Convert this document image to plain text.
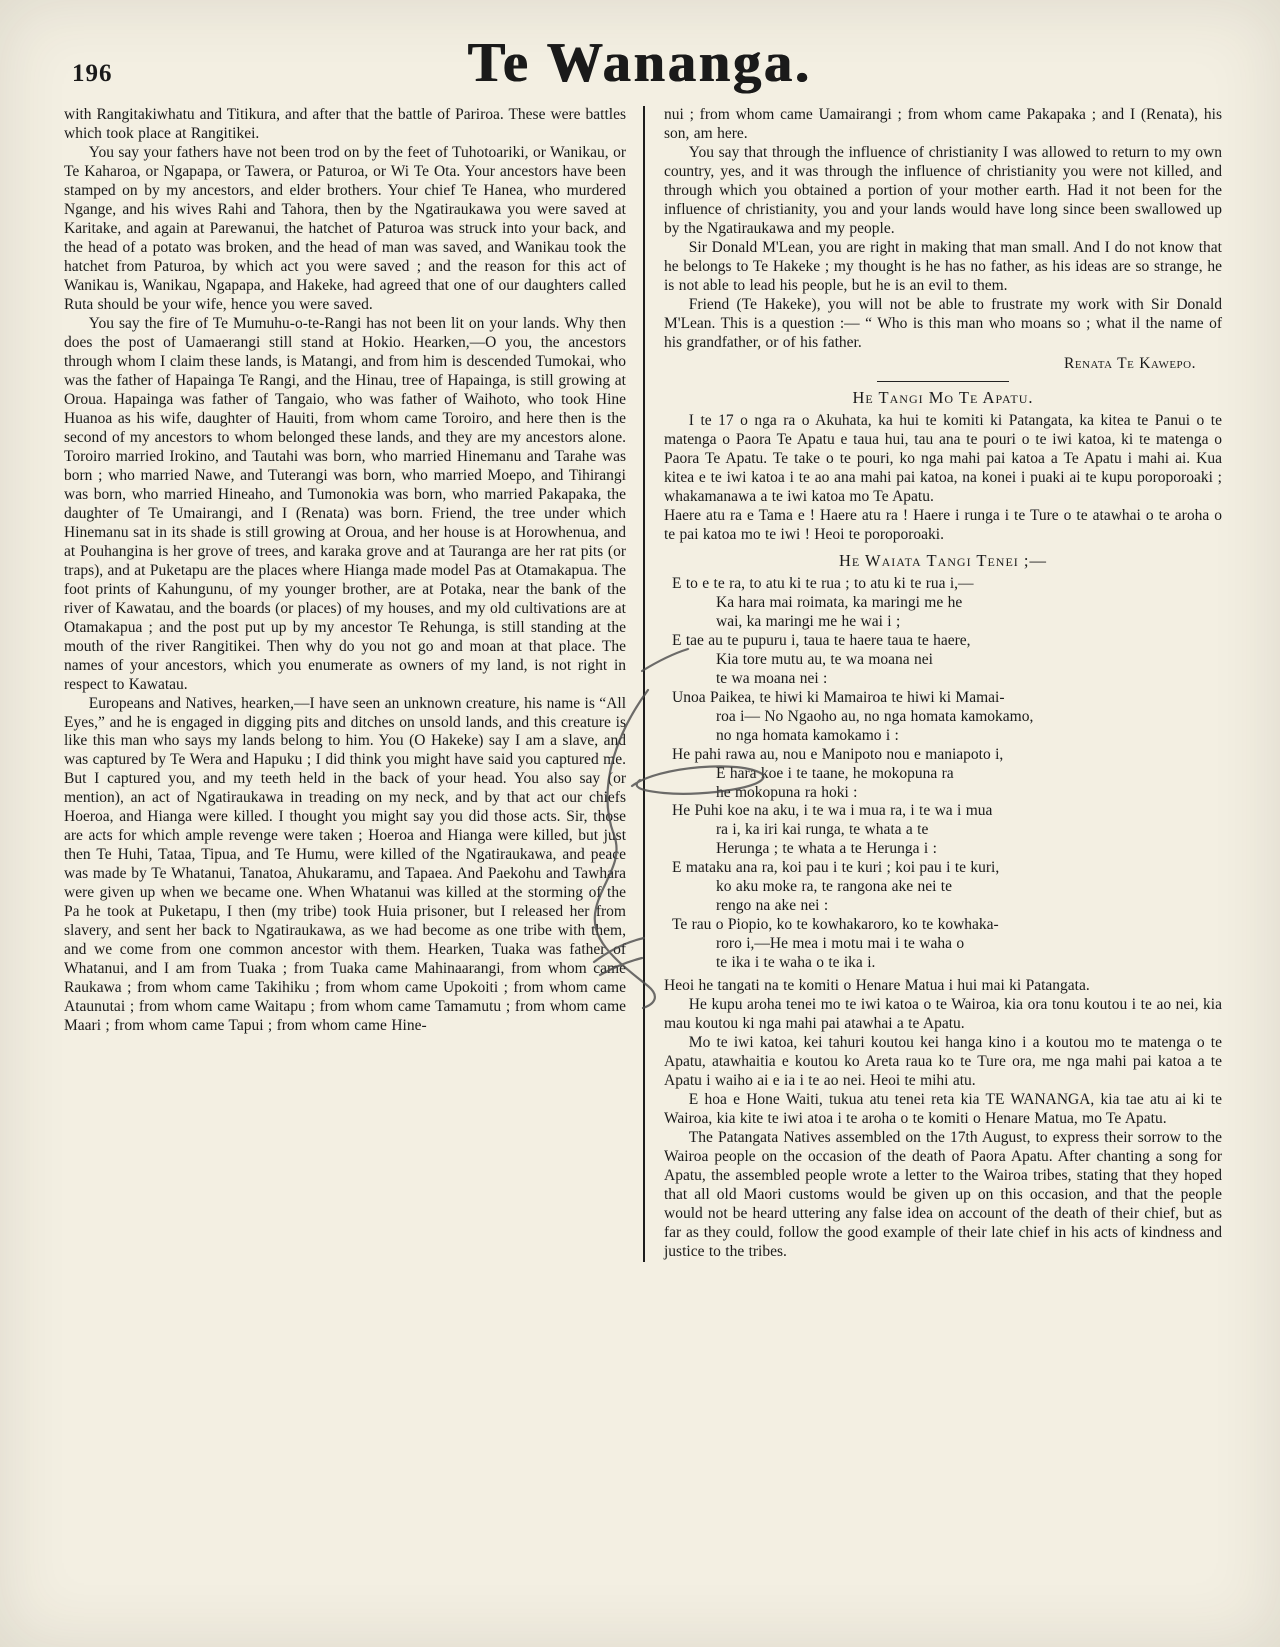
196	Te Wananga.

with Rangitakiwhatu and Titikura, and after that the battle of Pariroa. These were battles which took place at Rangitikei.

You say your fathers have not been trod on by the feet of Tuhotoariki, or Wanikau, or Te Kaharoa, or Ngapapa, or Tawera, or Paturoa, or Wi Te Ota. Your ancestors have been stamped on by my ancestors, and elder brothers. Your chief Te Hanea, who murdered Ngange, and his wives Rahi and Tahora, then by the Ngatiraukawa you were saved at Karitake, and again at Parewanui, the hatchet of Paturoa was struck into your back, and the head of a potato was broken, and the head of man was saved, and Wanikau took the hatchet from Paturoa, by which act you were saved ; and the reason for this act of Wanikau is, Wanikau, Ngapapa, and Hakeke, had agreed that one of our daughters called Ruta should be your wife, hence you were saved.

You say the fire of Te Mumuhu-o-te-Rangi has not been lit on your lands. Why then does the post of Uamaerangi still stand at Hokio. Hearken,—O you, the ancestors through whom I claim these lands, is Matangi, and from him is descended Tumokai, who was the father of Hapainga Te Rangi, and the Hinau, tree of Hapainga, is still growing at Oroua. Hapainga was father of Tangaio, who was father of Waihoto, who took Hine Huanoa as his wife, daughter of Hauiti, from whom came Toroiro, and here then is the second of my ancestors to whom belonged these lands, and they are my ancestors alone. Toroiro married Irokino, and Tautahi was born, who married Hinemanu and Tarahe was born ; who married Nawe, and Tuterangi was born, who married Moepo, and Tihirangi was born, who married Hineaho, and Tumonokia was born, who married Pakapaka, the daughter of Te Umairangi, and I (Renata) was born. Friend, the tree under which Hinemanu sat in its shade is still growing at Oroua, and her house is at Horowhenua, and at Pouhangina is her grove of trees, and karaka grove and at Tauranga are her rat pits (or traps), and at Puketapu are the places where Hianga made model Pas at Otamakapua. The foot prints of Kahungunu, of my younger brother, are at Potaka, near the bank of the river of Kawatau, and the boards (or places) of my houses, and my old cultivations are at Otamakapua ; and the post put up by my ancestor Te Rehunga, is still standing at the mouth of the river Rangitikei. Then why do you not go and moan at that place. The names of your ancestors, which you enumerate as owners of my land, is not right in respect to Kawatau.

Europeans and Natives, hearken,—I have seen an unknown creature, his name is “All Eyes,” and he is engaged in digging pits and ditches on unsold lands, and this creature is like this man who says my lands belong to him. You (O Hakeke) say I am a slave, and was captured by Te Wera and Hapuku ; I did think you might have said you captured me. But I captured you, and my teeth held in the back of your head. You also say (or mention), an act of Ngatiraukawa in treading on my neck, and by that act our chiefs Hoeroa, and Hianga were killed. I thought you might say you did those acts. Sir, those are acts for which ample revenge were taken ; Hoeroa and Hianga were killed, but just then Te Huhi, Tataa, Tipua, and Te Humu, were killed of the Ngatiraukawa, and peace was made by Te Whatanui, Tanatoa, Ahukaramu, and Tapaea. And Paekohu and Tawhara were given up when we became one. When Whatanui was killed at the storming of the Pa he took at Puketapu, I then (my tribe) took Huia prisoner, but I released her from slavery, and sent her back to Ngatiraukawa, as we had become as one tribe with them, and we come from one common ancestor with them. Hearken, Tuaka was father of Whatanui, and I am from Tuaka ; from Tuaka came Mahinaarangi, from whom came Raukawa ; from whom came Takihiku ; from whom came Upokoiti ; from whom came Ataunutai ; from whom came Waitapu ; from whom came Tamamutu ; from whom came Maari ; from whom came Tapui ; from whom came Hine-

nui ; from whom came Uamairangi ; from whom came Pakapaka ; and I (Renata), his son, am here.

You say that through the influence of christianity I was allowed to return to my own country, yes, and it was through the influence of christianity you were not killed, and through which you obtained a portion of your mother earth. Had it not been for the influence of christianity, you and your lands would have long since been swallowed up by the Ngatiraukawa and my people.

Sir Donald M'Lean, you are right in making that man small. And I do not know that he belongs to Te Hakeke ; my thought is he has no father, as his ideas are so strange, he is not able to lead his people, but he is an evil to them.

Friend (Te Hakeke), you will not be able to frustrate my work with Sir Donald M'Lean. This is a question :— “ Who is this man who moans so ; what il the name of his grandfather, or of his father.

Renata Te Kawepo.

He Tangi Mo Te Apatu.

I te 17 o nga ra o Akuhata, ka hui te komiti ki Patangata, ka kitea te Panui o te matenga o Paora Te Apatu e taua hui, tau ana te pouri o te iwi katoa, ki te matenga o Paora Te Apatu. Te take o te pouri, ko nga mahi pai katoa a Te Apatu i mahi ai. Kua kitea e te iwi katoa i te ao ana mahi pai katoa, na konei i puaki ai te kupu poroporoaki ; whakamanawa a te iwi katoa mo Te Apatu.

Haere atu ra e Tama e ! Haere atu ra ! Haere i runga i te Ture o te atawhai o te aroha o te pai katoa mo te iwi ! Heoi te poroporoaki.

He Waiata Tangi Tenei ;—
E to e te ra, to atu ki te rua ; to atu ki te rua i,—
Ka hara mai roimata, ka maringi me he
wai, ka maringi me he wai i ;
E tae au te pupuru i, taua te haere taua te haere,
Kia tore mutu au, te wa moana nei
te wa moana nei :
Unoa Paikea, te hiwi ki Mamairoa te hiwi ki Mamai-
roa i— No Ngaoho au, no nga homata kamokamo,
no nga homata kamokamo i :
He pahi rawa au, nou e Manipoto nou e maniapoto i,
E hara koe i te taane, he mokopuna ra
he mokopuna ra hoki :
He Puhi koe na aku, i te wa i mua ra, i te wa i mua
ra i, ka iri kai runga, te whata a te
Herunga ; te whata a te Herunga i :
E mataku ana ra, koi pau i te kuri ; koi pau i te kuri,
ko aku moke ra, te rangona ake nei te
rengo na ake nei :
Te rau o Piopio, ko te kowhakaroro, ko te kowhaka-
roro i,—He mea i motu mai i te waha o
te ika i te waha o te ika i.

Heoi he tangati na te komiti o Henare Matua i hui mai ki Patangata.

He kupu aroha tenei mo te iwi katoa o te Wairoa, kia ora tonu koutou i te ao nei, kia mau koutou ki nga mahi pai atawhai a te Apatu.

Mo te iwi katoa, kei tahuri koutou kei hanga kino i a koutou mo te matenga o te Apatu, atawhaitia e koutou ko Areta raua ko te Ture ora, me nga mahi pai katoa a te Apatu i waiho ai e ia i te ao nei. Heoi te mihi atu.

E hoa e Hone Waiti, tukua atu tenei reta kia TE WANANGA, kia tae atu ai ki te Wairoa, kia kite te iwi atoa i te aroha o te komiti o Henare Matua, mo Te Apatu.

The Patangata Natives assembled on the 17th August, to express their sorrow to the Wairoa people on the occasion of the death of Paora Apatu. After chanting a song for Apatu, the assembled people wrote a letter to the Wairoa tribes, stating that they hoped that all old Maori customs would be given up on this occasion, and that the people would not be heard uttering any false idea on account of the death of their chief, but as far as they could, follow the good example of their late chief in his acts of kindness and justice to the tribes.
